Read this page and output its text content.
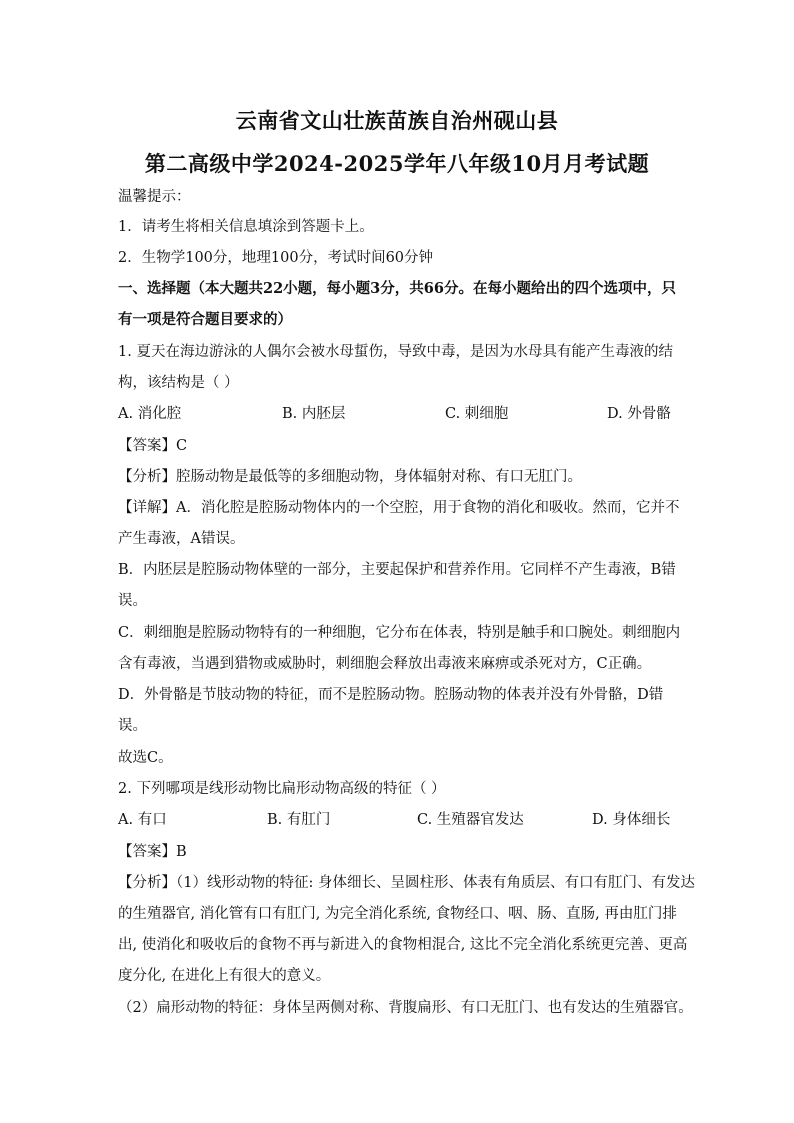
云南省文山壮族苗族自治州砚山县
第二高级中学2024-2025学年八年级10月月考试题
温馨提示：
1．请考生将相关信息填涂到答题卡上。
2．生物学100分，地理100分，考试时间60分钟
一、选择题（本大题共22小题，每小题3分，共66分。在每小题给出的四个选项中，只
有一项是符合题目要求的）
1. 夏天在海边游泳的人偶尔会被水母蜇伤，导致中毒，是因为水母具有能产生毒液的结
构，该结构是（ ）
A. 消化腔	B. 内胚层	C. 刺细胞	D. 外骨骼
【答案】C
【分析】腔肠动物是最低等的多细胞动物，身体辐射对称、有口无肛门。
【详解】A．消化腔是腔肠动物体内的一个空腔，用于食物的消化和吸收。然而，它并不
产生毒液，A错误。
B．内胚层是腔肠动物体壁的一部分，主要起保护和营养作用。它同样不产生毒液，B错
误。
C．刺细胞是腔肠动物特有的一种细胞，它分布在体表，特别是触手和口腕处。刺细胞内
含有毒液，当遇到猎物或威胁时，刺细胞会释放出毒液来麻痹或杀死对方，C正确。
D．外骨骼是节肢动物的特征，而不是腔肠动物。腔肠动物的体表并没有外骨骼，D错
误。
故选C。
2. 下列哪项是线形动物比扁形动物高级的特征（ ）
A. 有口	B. 有肛门	C. 生殖器官发达	D. 身体细长
【答案】B
【分析】（1）线形动物的特征: 身体细长、呈圆柱形、体表有角质层、有口有肛门、有发达
的生殖器官, 消化管有口有肛门, 为完全消化系统, 食物经口、咽、肠、直肠, 再由肛门排
出, 使消化和吸收后的食物不再与新进入的食物相混合, 这比不完全消化系统更完善、更高
度分化, 在进化上有很大的意义。
（2）扁形动物的特征：身体呈两侧对称、背腹扁形、有口无肛门、也有发达的生殖器官。
